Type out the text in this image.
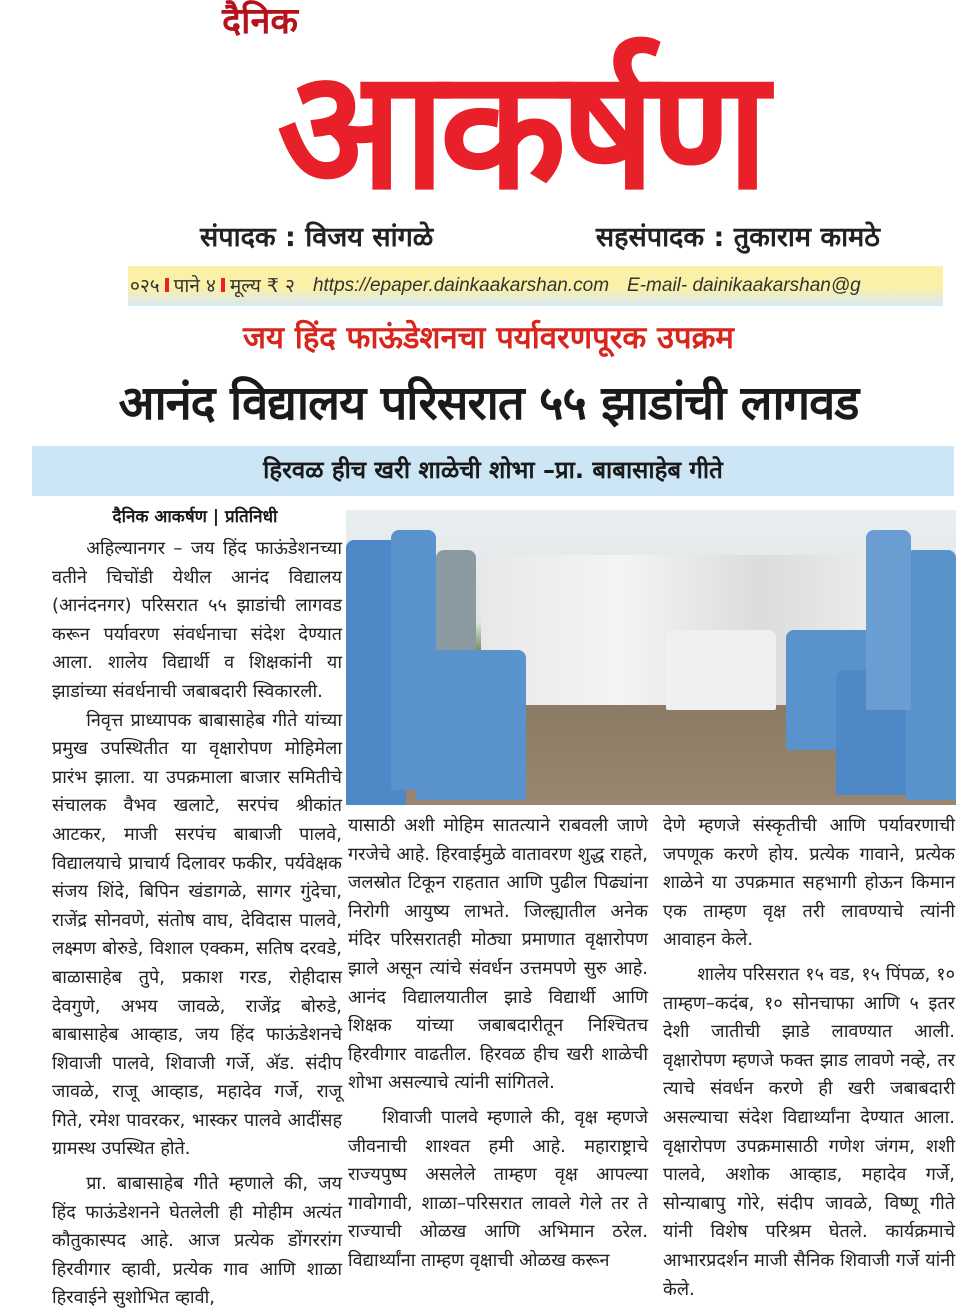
दैनिक
आकर्षण
संपादक : विजय सांगळे	सहसंपादक : तुकाराम कामठे
०२५ पाने ४ मूल्य ₹ २ https://epaper.dainkaakarshan.com E-mail- dainikaakarshan@g
जय हिंद फाऊंडेशनचा पर्यावरणपूरक उपक्रम
आनंद विद्यालय परिसरात ५५ झाडांची लागवड
हिरवळ हीच खरी शाळेची शोभा –प्रा. बाबासाहेब गीते
दैनिक आकर्षण | प्रतिनिधी

अहिल्यानगर – जय हिंद फाऊंडेशनच्या वतीने चिचोंडी येथील आनंद विद्यालय (आनंदनगर) परिसरात ५५ झाडांची लागवड करून पर्यावरण संवर्धनाचा संदेश देण्यात आला. शालेय विद्यार्थी व शिक्षकांनी या झाडांच्या संवर्धनाची जबाबदारी स्विकारली.

निवृत्त प्राध्यापक बाबासाहेब गीते यांच्या प्रमुख उपस्थितीत या वृक्षारोपण मोहिमेला प्रारंभ झाला. या उपक्रमाला बाजार समितीचे संचालक वैभव खलाटे, सरपंच श्रीकांत आटकर, माजी सरपंच बाबाजी पालवे, विद्यालयाचे प्राचार्य दिलावर फकीर, पर्यवेक्षक संजय शिंदे, बिपिन खंडागळे, सागर गुंदेचा, राजेंद्र सोनवणे, संतोष वाघ, देविदास पालवे, लक्ष्मण बोरुडे, विशाल एक्कम, सतिष दरवडे, बाळासाहेब तुपे, प्रकाश गरड, रोहीदास देवगुणे, अभय जावळे, राजेंद्र बोरुडे, बाबासाहेब आव्हाड, जय हिंद फाऊंडेशनचे शिवाजी पालवे, शिवाजी गर्जे, अ‍ॅड. संदीप जावळे, राजू आव्हाड, महादेव गर्जे, राजू गिते, रमेश पावरकर, भास्कर पालवे आदींसह ग्रामस्थ उपस्थित होते.

प्रा. बाबासाहेब गीते म्हणाले की, जय हिंद फाऊंडेशनने घेतलेली ही मोहीम अत्यंत कौतुकास्पद आहे. आज प्रत्येक डोंगररांग हिरवीगार व्हावी, प्रत्येक गाव आणि शाळा हिरवाईने सुशोभित व्हावी,

यासाठी अशी मोहिम सातत्याने राबवली जाणे गरजेचे आहे. हिरवाईमुळे वातावरण शुद्ध राहते, जलस्रोत टिकून राहतात आणि पुढील पिढ्यांना निरोगी आयुष्य लाभते. जिल्ह्यातील अनेक मंदिर परिसरातही मोठ्या प्रमाणात वृक्षारोपण झाले असून त्यांचे संवर्धन उत्तमपणे सुरु आहे. आनंद विद्यालयातील झाडे विद्यार्थी आणि शिक्षक यांच्या जबाबदारीतून निश्चितच हिरवीगार वाढतील. हिरवळ हीच खरी शाळेची शोभा असल्याचे त्यांनी सांगितले.

शिवाजी पालवे म्हणाले की, वृक्ष म्हणजे जीवनाची शाश्वत हमी आहे. महाराष्ट्राचे राज्यपुष्प असलेले ताम्हण वृक्ष आपल्या गावोगावी, शाळा–परिसरात लावले गेले तर ते राज्याची ओळख आणि अभिमान ठरेल. विद्यार्थ्यांना ताम्हण वृक्षाची ओळख करून

देणे म्हणजे संस्कृतीची आणि पर्यावरणाची जपणूक करणे होय. प्रत्येक गावाने, प्रत्येक शाळेने या उपक्रमात सहभागी होऊन किमान एक ताम्हण वृक्ष तरी लावण्याचे त्यांनी आवाहन केले.

शालेय परिसरात १५ वड, १५ पिंपळ, १० ताम्हण–कदंब, १० सोनचाफा आणि ५ इतर देशी जातीची झाडे लावण्यात आली. वृक्षारोपण म्हणजे फक्त झाड लावणे नव्हे, तर त्याचे संवर्धन करणे ही खरी जबाबदारी असल्याचा संदेश विद्यार्थ्यांना देण्यात आला. वृक्षारोपण उपक्रमासाठी गणेश जंगम, शशी पालवे, अशोक आव्हाड, महादेव गर्जे, सोन्याबापु गोरे, संदीप जावळे, विष्णू गीते यांनी विशेष परिश्रम घेतले. कार्यक्रमाचे आभारप्रदर्शन माजी सैनिक शिवाजी गर्जे यांनी केले.
